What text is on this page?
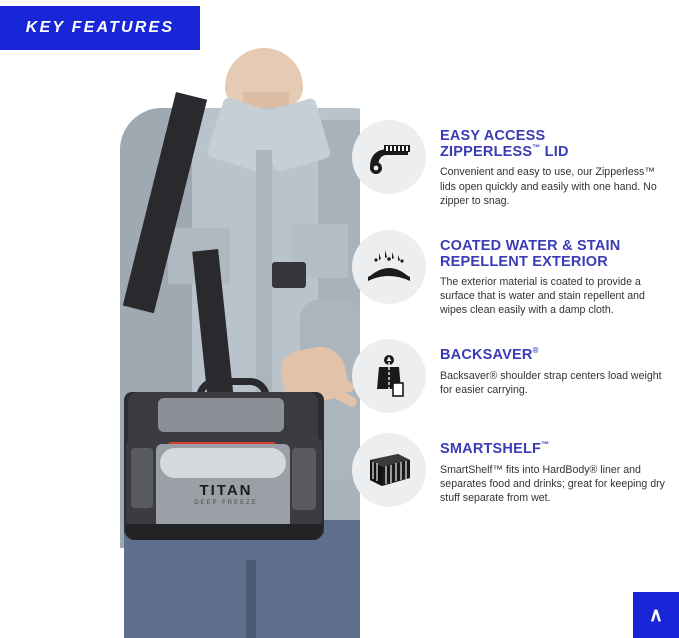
TITAN
DEEP FREEZE
KEY FEATURES
EASY ACCESS
ZIPPERLESS™ LID

Convenient and easy to use, our Zipperless™ lids open quickly and easily with one hand. No zipper to snag.

COATED WATER & STAIN
REPELLENT EXTERIOR

The exterior material is coated to provide a surface that is water and stain repellent and wipes clean easily with a damp cloth.

BACKSAVER®

Backsaver® shoulder strap centers load weight for easier carrying.

SMARTSHELF™

SmartShelf™ fits into HardBody® liner and separates food and drinks; great for keeping dry stuff separate from wet.

∧
